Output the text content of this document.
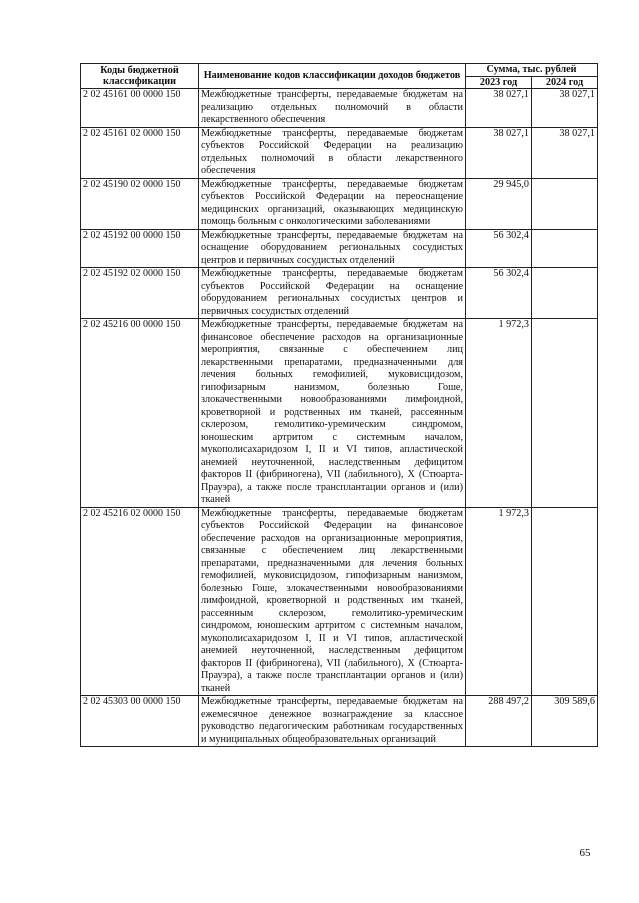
Коды бюджетной классификации	Наименование кодов классификации доходов бюджетов	Сумма, тыс. рублей	
		2023 год	2024 год
2 02 45161 00 0000 150	Межбюджетные трансферты, передаваемые бюджетам на реализацию отдельных полномочий в области лекарственного обеспечения	38 027,1	38 027,1
2 02 45161 02 0000 150	Межбюджетные трансферты, передаваемые бюджетам субъектов Российской Федерации на реализацию отдельных полномочий в области лекарственного обеспечения	38 027,1	38 027,1
2 02 45190 02 0000 150	Межбюджетные трансферты, передаваемые бюджетам субъектов Российской Федерации на переоснащение медицинских организаций, оказывающих медицинскую помощь больным с онкологическими заболеваниями	29 945,0	
2 02 45192 00 0000 150	Межбюджетные трансферты, передаваемые бюджетам на оснащение оборудованием региональных сосудистых центров и первичных сосудистых отделений	56 302,4	
2 02 45192 02 0000 150	Межбюджетные трансферты, передаваемые бюджетам субъектов Российской Федерации на оснащение оборудованием региональных сосудистых центров и первичных сосудистых отделений	56 302,4	
2 02 45216 00 0000 150	Межбюджетные трансферты, передаваемые бюджетам на финансовое обеспечение расходов на организационные мероприятия, связанные с обеспечением лиц лекарственными препаратами, предназначенными для лечения больных гемофилией, муковисцидозом, гипофизарным нанизмом, болезнью Гоше, злокачественными новообразованиями лимфоидной, кроветворной и родственных им тканей, рассеянным склерозом, гемолитико-уремическим синдромом, юношеским артритом с системным началом, мукополисахаридозом I, II и VI типов, апластической анемией неуточненной, наследственным дефицитом факторов II (фибриногена), VII (лабильного), X (Стюарта-Прауэра), а также после трансплантации органов и (или) тканей	1 972,3	
2 02 45216 02 0000 150	Межбюджетные трансферты, передаваемые бюджетам субъектов Российской Федерации на финансовое обеспечение расходов на организационные мероприятия, связанные с обеспечением лиц лекарственными препаратами, предназначенными для лечения больных гемофилией, муковисцидозом, гипофизарным нанизмом, болезнью Гоше, злокачественными новообразованиями лимфоидной, кроветворной и родственных им тканей, рассеянным склерозом, гемолитико-уремическим синдромом, юношеским артритом с системным началом, мукополисахаридозом I, II и VI типов, апластической анемией неуточненной, наследственным дефицитом факторов II (фибриногена), VII (лабильного), X (Стюарта-Прауэра), а также после трансплантации органов и (или) тканей	1 972,3	
2 02 45303 00 0000 150	Межбюджетные трансферты, передаваемые бюджетам на ежемесячное денежное вознаграждение за классное руководство педагогическим работникам государственных и муниципальных общеобразовательных организаций	288 497,2	309 589,6
65
